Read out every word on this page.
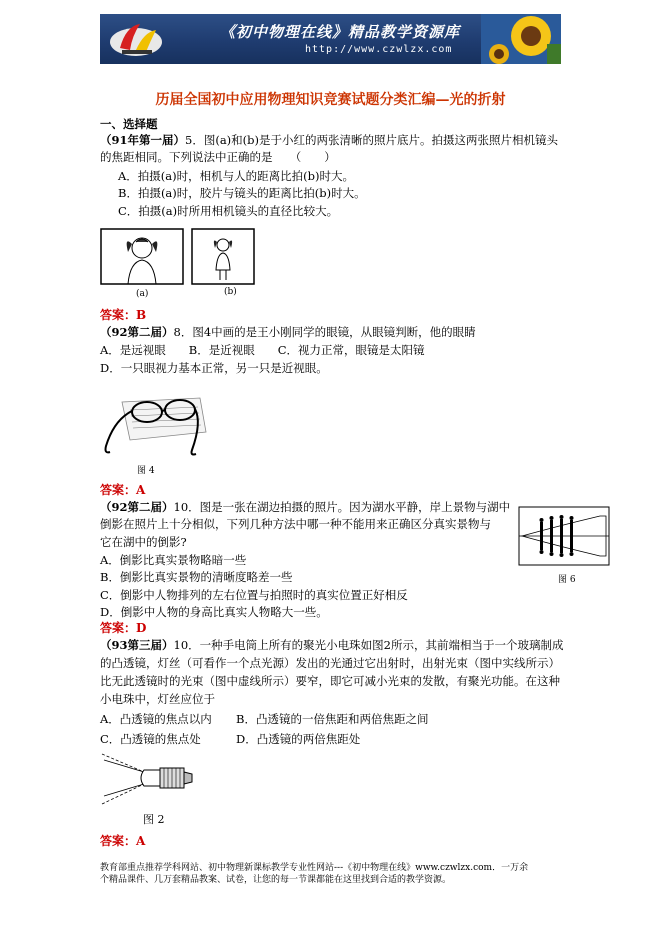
《初中物理在线》精品教学资源库
http://www.czwlzx.com
历届全国初中应用物理知识竞赛试题分类汇编—光的折射
一、选择题
（91年第一届）5．图(a)和(b)是于小红的两张清晰的照片底片。拍摄这两张照片相机镜头
的焦距相同。下列说法中正确的是　　（　　）
A．拍摄(a)时，相机与人的距离比拍(b)时大。
B．拍摄(a)时，胶片与镜头的距离比拍(b)时大。
C．拍摄(a)时所用相机镜头的直径比较大。
(a)	(b)
答案：B
（92第二届）8．图4中画的是王小刚同学的眼镜，从眼镜判断，他的眼睛
A．是远视眼　　B．是近视眼　　C．视力正常，眼镜是太阳镜
D．一只眼视力基本正常，另一只是近视眼。
图 4
答案：A
（92第二届）10．图是一张在湖边拍摄的照片。因为湖水平静，岸上景物与湖中
倒影在照片上十分相似，下列几种方法中哪一种不能用来正确区分真实景物与
它在湖中的倒影?
A．倒影比真实景物略暗一些
B．倒影比真实景物的清晰度略差一些
C．倒影中人物排列的左右位置与拍照时的真实位置正好相反
D．倒影中人物的身高比真实人物略大一些。
图 6
答案：D
（93第三届）10．一种手电筒上所有的聚光小电珠如图2所示，其前端相当于一个玻璃制成
的凸透镜，灯丝（可看作一个点光源）发出的光通过它出射时，出射光束（图中实线所示）
比无此透镜时的光束（图中虚线所示）要窄，即它可减小光束的发散，有聚光功能。在这种
小电珠中，灯丝应位于
A．凸透镜的焦点以内 B．凸透镜的一倍焦距和两倍焦距之间
C．凸透镜的焦点处	D．凸透镜的两倍焦距处
图 2
答案：A
教育部重点推荐学科网站、初中物理新课标教学专业性网站---《初中物理在线》www.czwlzx.com．一万余
个精品课件、几万套精品教案、试卷，让您的每一节课都能在这里找到合适的教学资源。
